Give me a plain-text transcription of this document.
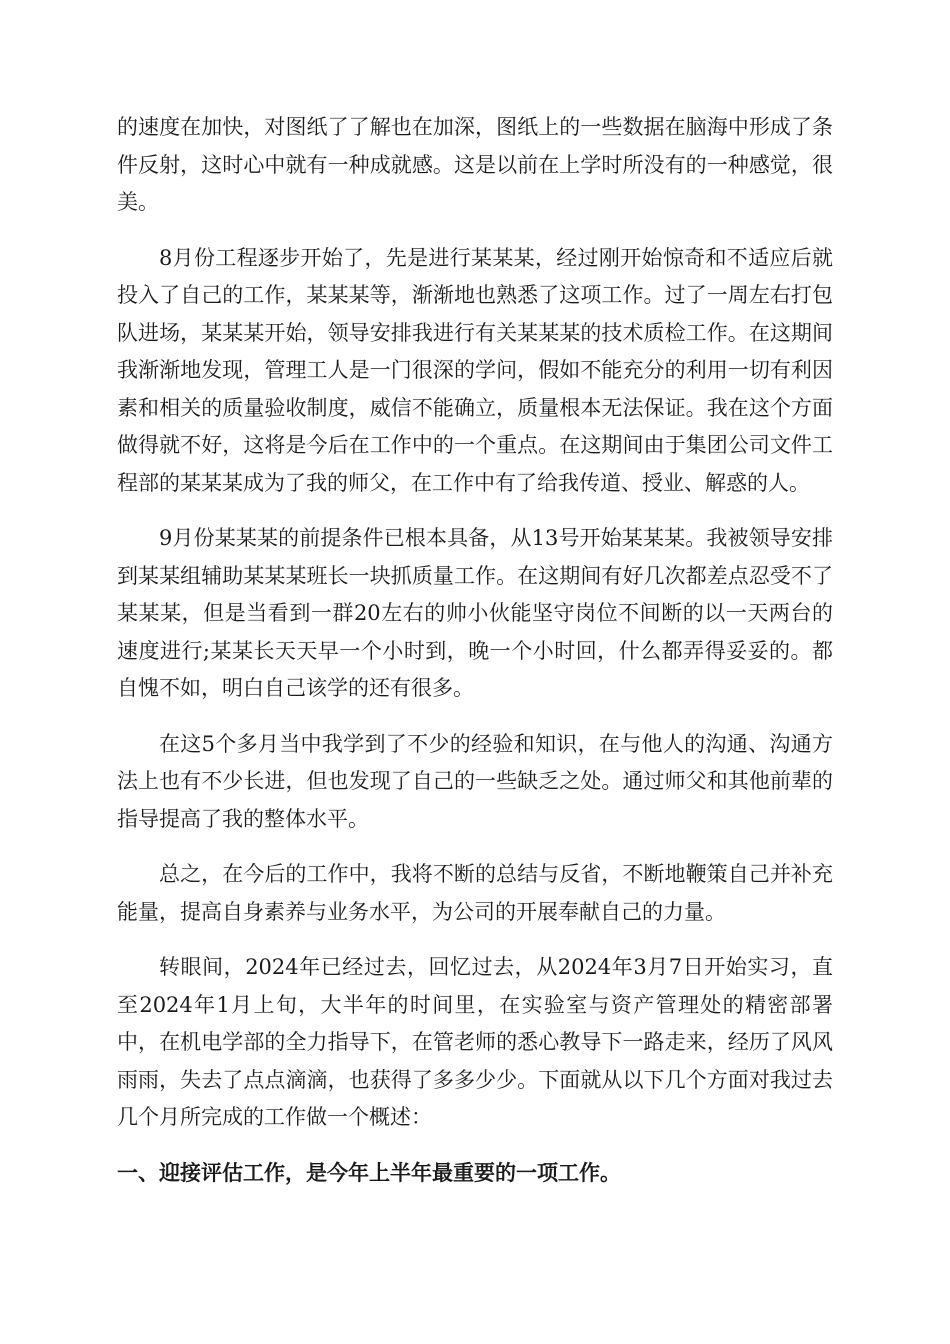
的速度在加快，对图纸了了解也在加深，图纸上的一些数据在脑海中形成了条件反射，这时心中就有一种成就感。这是以前在上学时所没有的一种感觉，很美。

8月份工程逐步开始了，先是进行某某某，经过刚开始惊奇和不适应后就投入了自己的工作，某某某等，渐渐地也熟悉了这项工作。过了一周左右打包队进场，某某某开始，领导安排我进行有关某某某的技术质检工作。在这期间我渐渐地发现，管理工人是一门很深的学问，假如不能充分的利用一切有利因素和相关的质量验收制度，威信不能确立，质量根本无法保证。我在这个方面做得就不好，这将是今后在工作中的一个重点。在这期间由于集团公司文件工程部的某某某成为了我的师父，在工作中有了给我传道、授业、解惑的人。

9月份某某某的前提条件已根本具备，从13号开始某某某。我被领导安排到某某组辅助某某某班长一块抓质量工作。在这期间有好几次都差点忍受不了某某某，但是当看到一群20左右的帅小伙能坚守岗位不间断的以一天两台的速度进行;某某长天天早一个小时到，晚一个小时回，什么都弄得妥妥的。都自愧不如，明白自己该学的还有很多。

在这5个多月当中我学到了不少的经验和知识，在与他人的沟通、沟通方法上也有不少长进，但也发现了自己的一些缺乏之处。通过师父和其他前辈的指导提高了我的整体水平。

总之，在今后的工作中，我将不断的总结与反省，不断地鞭策自己并补充能量，提高自身素养与业务水平，为公司的开展奉献自己的力量。

转眼间，2024年已经过去，回忆过去，从2024年3月7日开始实习，直至2024年1月上旬，大半年的时间里，在实验室与资产管理处的精密部署中，在机电学部的全力指导下，在管老师的悉心教导下一路走来，经历了风风雨雨，失去了点点滴滴，也获得了多多少少。下面就从以下几个方面对我过去几个月所完成的工作做一个概述：

一、迎接评估工作，是今年上半年最重要的一项工作。
